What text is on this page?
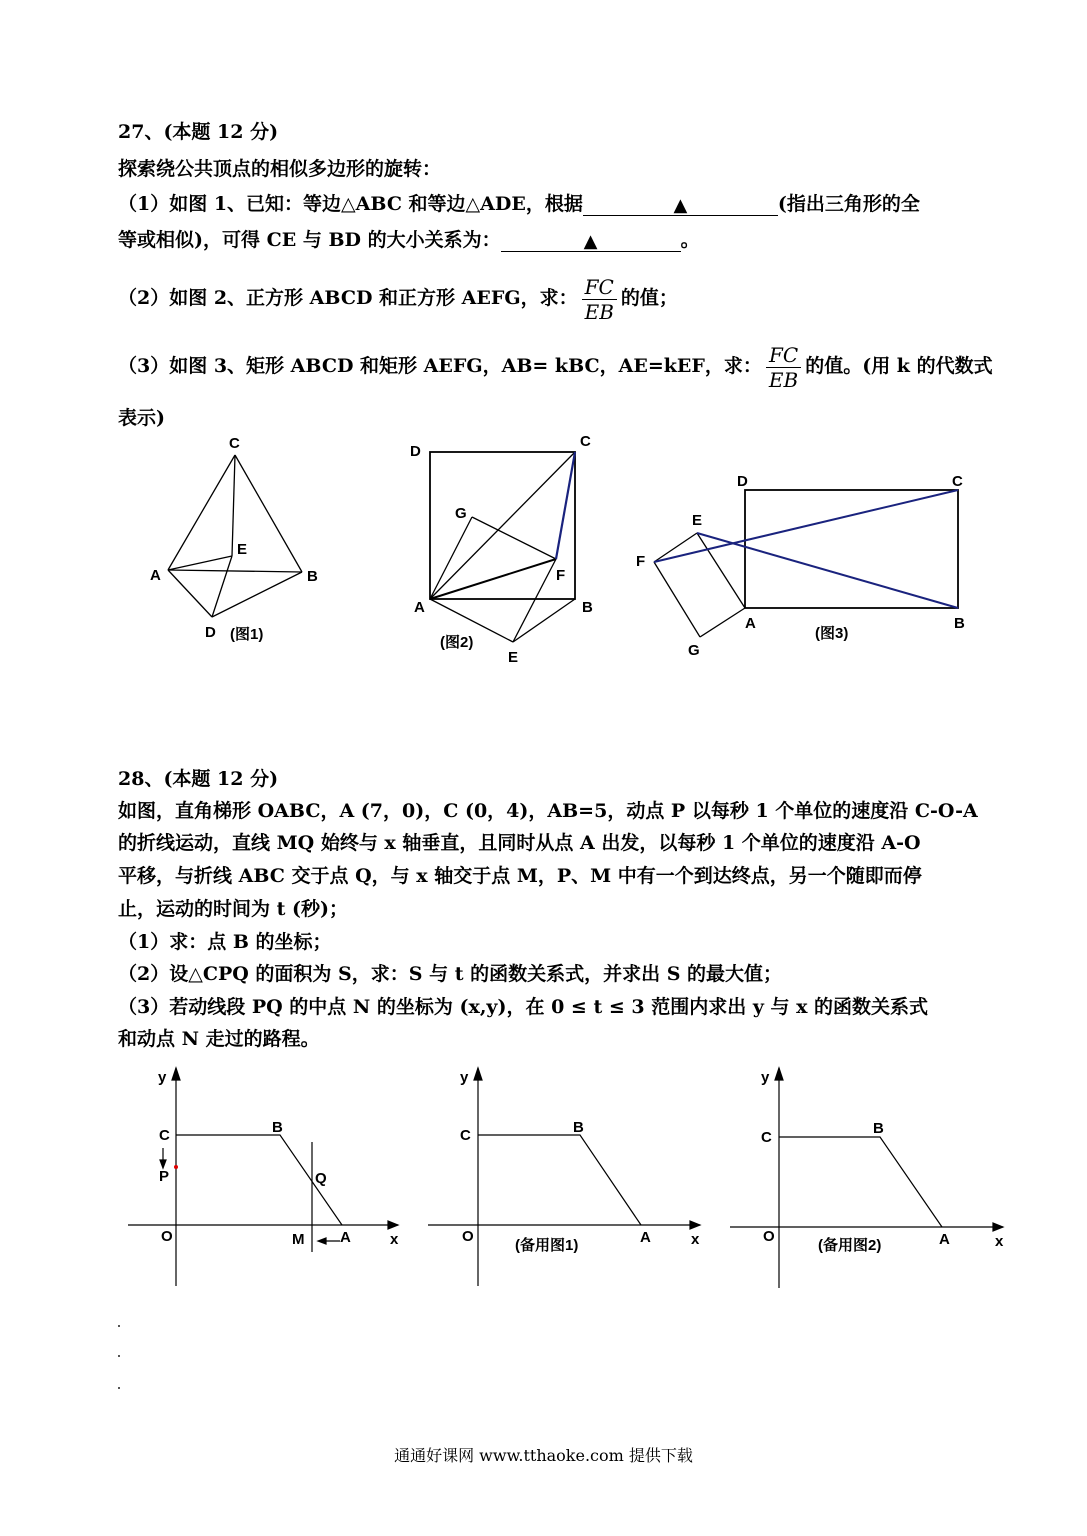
27、(本题 12 分)
探索绕公共顶点的相似多边形的旋转：
（1）如图 1、已知：等边△ABC 和等边△ADE，根据	▲	(指出三角形的全
等或相似)，可得 CE 与 BD 的大小关系为：	▲	。
（2）如图 2、正方形 ABCD 和正方形 AEFG，求： $\frac{FC}{EB}$ 的值；
（3）如图 3、矩形 ABCD 和矩形 AEFG，AB= kBC，AE=kEF，求： $\frac{FC}{EB}$ 的值。(用 k 的代数式
表示)
C
E
A	B
D (图1)
D
C
G
F
A	B
E
(图2)
D	C
E
F
A	B
G
(图3)
y
C
P
B
Q
O	M A	x
y
C	B
O
(备用图1)	A	x
y
C
B
O
(备用图2)	A	x
28、(本题 12 分)
如图，直角梯形 OABC，A (7，0)，C (0，4)，AB=5，动点 P 以每秒 1 个单位的速度沿 C-O-A
的折线运动，直线 MQ 始终与 x 轴垂直，且同时从点 A 出发，以每秒 1 个单位的速度沿 A-O
平移，与折线 ABC 交于点 Q，与 x 轴交于点 M，P、M 中有一个到达终点，另一个随即而停
止，运动的时间为 t (秒)；
（1）求：点 B 的坐标；
（2）设△CPQ 的面积为 S，求：S 与 t 的函数关系式，并求出 S 的最大值；
（3）若动线段 PQ 的中点 N 的坐标为 (x,y)，在 0 ≤ t ≤ 3 范围内求出 y 与 x 的函数关系式
和动点 N 走过的路程。
通通好课网 www.tthaoke.com 提供下载
